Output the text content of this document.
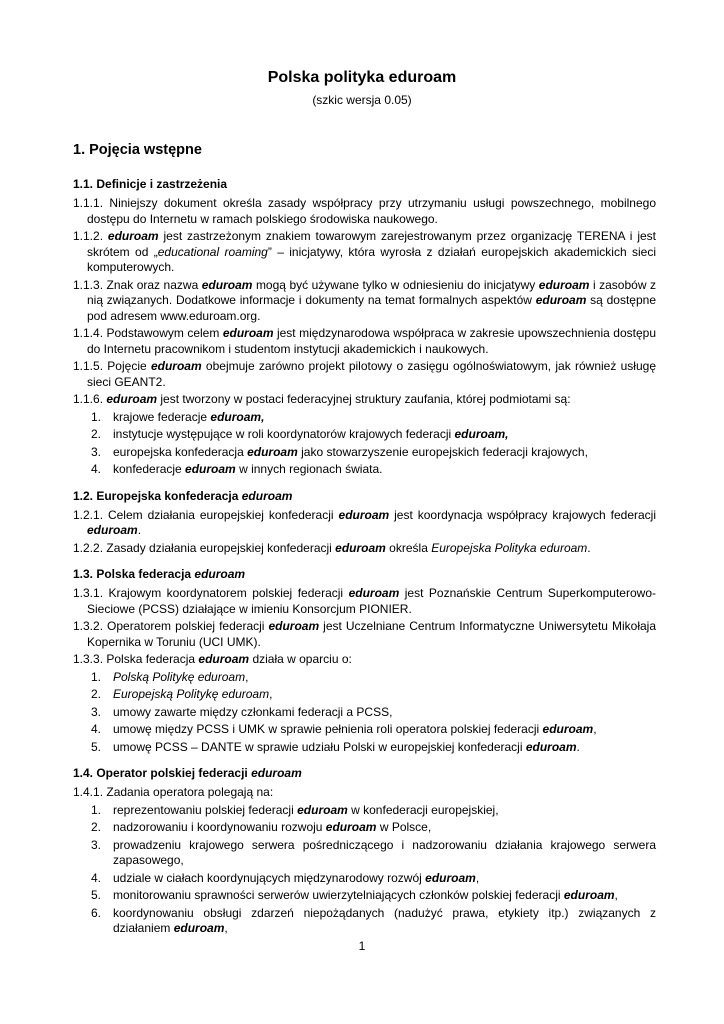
Polska polityka eduroam
(szkic wersja 0.05)
1. Pojęcia wstępne
1.1. Definicje i zastrzeżenia
1.1.1. Niniejszy dokument określa zasady współpracy przy utrzymaniu usługi powszechnego, mobilnego dostępu do Internetu w ramach polskiego środowiska naukowego.
1.1.2. eduroam jest zastrzeżonym znakiem towarowym zarejestrowanym przez organizację TERENA i jest skrótem od „educational roaming” – inicjatywy, która wyrosła z działań europejskich akademickich sieci komputerowych.
1.1.3. Znak oraz nazwa eduroam mogą być używane tylko w odniesieniu do inicjatywy eduroam i zasobów z nią związanych. Dodatkowe informacje i dokumenty na temat formalnych aspektów eduroam są dostępne pod adresem www.eduroam.org.
1.1.4. Podstawowym celem eduroam jest międzynarodowa współpraca w zakresie upowszechnienia dostępu do Internetu pracownikom i studentom instytucji akademickich i naukowych.
1.1.5. Pojęcie eduroam obejmuje zarówno projekt pilotowy o zasięgu ogólnoświatowym, jak również usługę sieci GEANT2.
1.1.6. eduroam jest tworzony w postaci federacyjnej struktury zaufania, której podmiotami są:
1. krajowe federacje eduroam,
2. instytucje występujące w roli koordynatorów krajowych federacji eduroam,
3. europejska konfederacja eduroam jako stowarzyszenie europejskich federacji krajowych,
4. konfederacje eduroam w innych regionach świata.
1.2. Europejska konfederacja eduroam
1.2.1. Celem działania europejskiej konfederacji eduroam jest koordynacja współpracy krajowych federacji eduroam.
1.2.2. Zasady działania europejskiej konfederacji eduroam określa Europejska Polityka eduroam.
1.3. Polska federacja eduroam
1.3.1. Krajowym koordynatorem polskiej federacji eduroam jest Poznańskie Centrum Superkomputerowo-Sieciowe (PCSS) działające w imieniu Konsorcjum PIONIER.
1.3.2. Operatorem polskiej federacji eduroam jest Uczelniane Centrum Informatyczne Uniwersytetu Mikołaja Kopernika w Toruniu (UCI UMK).
1.3.3. Polska federacja eduroam działa w oparciu o:
1. Polską Politykę eduroam,
2. Europejską Politykę eduroam,
3. umowy zawarte między członkami federacji a PCSS,
4. umowę między PCSS i UMK w sprawie pełnienia roli operatora polskiej federacji eduroam,
5. umowę PCSS – DANTE w sprawie udziału Polski w europejskiej konfederacji eduroam.
1.4. Operator polskiej federacji eduroam
1.4.1. Zadania operatora polegają na:
1. reprezentowaniu polskiej federacji eduroam w konfederacji europejskiej,
2. nadzorowaniu i koordynowaniu rozwoju eduroam w Polsce,
3. prowadzeniu krajowego serwera pośredniczącego i nadzorowaniu działania krajowego serwera zapasowego,
4. udziale w ciałach koordynujących międzynarodowy rozwój eduroam,
5. monitorowaniu sprawności serwerów uwierzytelniających członków polskiej federacji eduroam,
6. koordynowaniu obsługi zdarzeń niepożądanych (nadużyć prawa, etykiety itp.) związanych z działaniem eduroam,
1
